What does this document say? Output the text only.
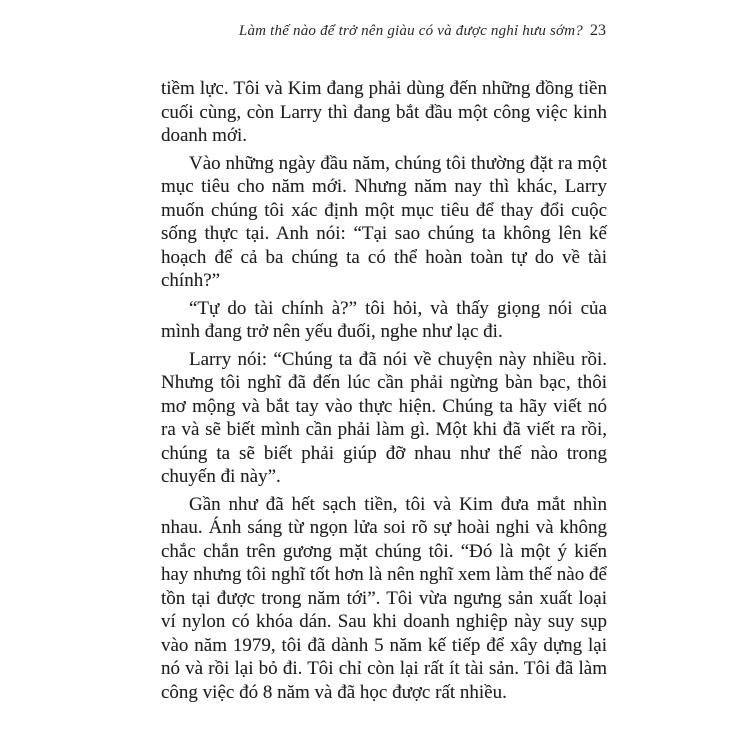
Làm thế nào để trở nên giàu có và được nghỉ hưu sớm? 23

tiềm lực. Tôi và Kim đang phải dùng đến những đồng tiền cuối cùng, còn Larry thì đang bắt đầu một công việc kinh doanh mới.

Vào những ngày đầu năm, chúng tôi thường đặt ra một mục tiêu cho năm mới. Nhưng năm nay thì khác, Larry muốn chúng tôi xác định một mục tiêu để thay đổi cuộc sống thực tại. Anh nói: “Tại sao chúng ta không lên kế hoạch để cả ba chúng ta có thể hoàn toàn tự do về tài chính?”

“Tự do tài chính à?” tôi hỏi, và thấy giọng nói của mình đang trở nên yếu đuối, nghe như lạc đi.

Larry nói: “Chúng ta đã nói về chuyện này nhiều rồi. Nhưng tôi nghĩ đã đến lúc cần phải ngừng bàn bạc, thôi mơ mộng và bắt tay vào thực hiện. Chúng ta hãy viết nó ra và sẽ biết mình cần phải làm gì. Một khi đã viết ra rồi, chúng ta sẽ biết phải giúp đỡ nhau như thế nào trong chuyến đi này”.

Gần như đã hết sạch tiền, tôi và Kim đưa mắt nhìn nhau. Ánh sáng từ ngọn lửa soi rõ sự hoài nghi và không chắc chắn trên gương mặt chúng tôi. “Đó là một ý kiến hay nhưng tôi nghĩ tốt hơn là nên nghĩ xem làm thế nào để tồn tại được trong năm tới”. Tôi vừa ngưng sản xuất loại ví nylon có khóa dán. Sau khi doanh nghiệp này suy sụp vào năm 1979, tôi đã dành 5 năm kế tiếp để xây dựng lại nó và rồi lại bỏ đi. Tôi chỉ còn lại rất ít tài sản. Tôi đã làm công việc đó 8 năm và đã học được rất nhiều.
